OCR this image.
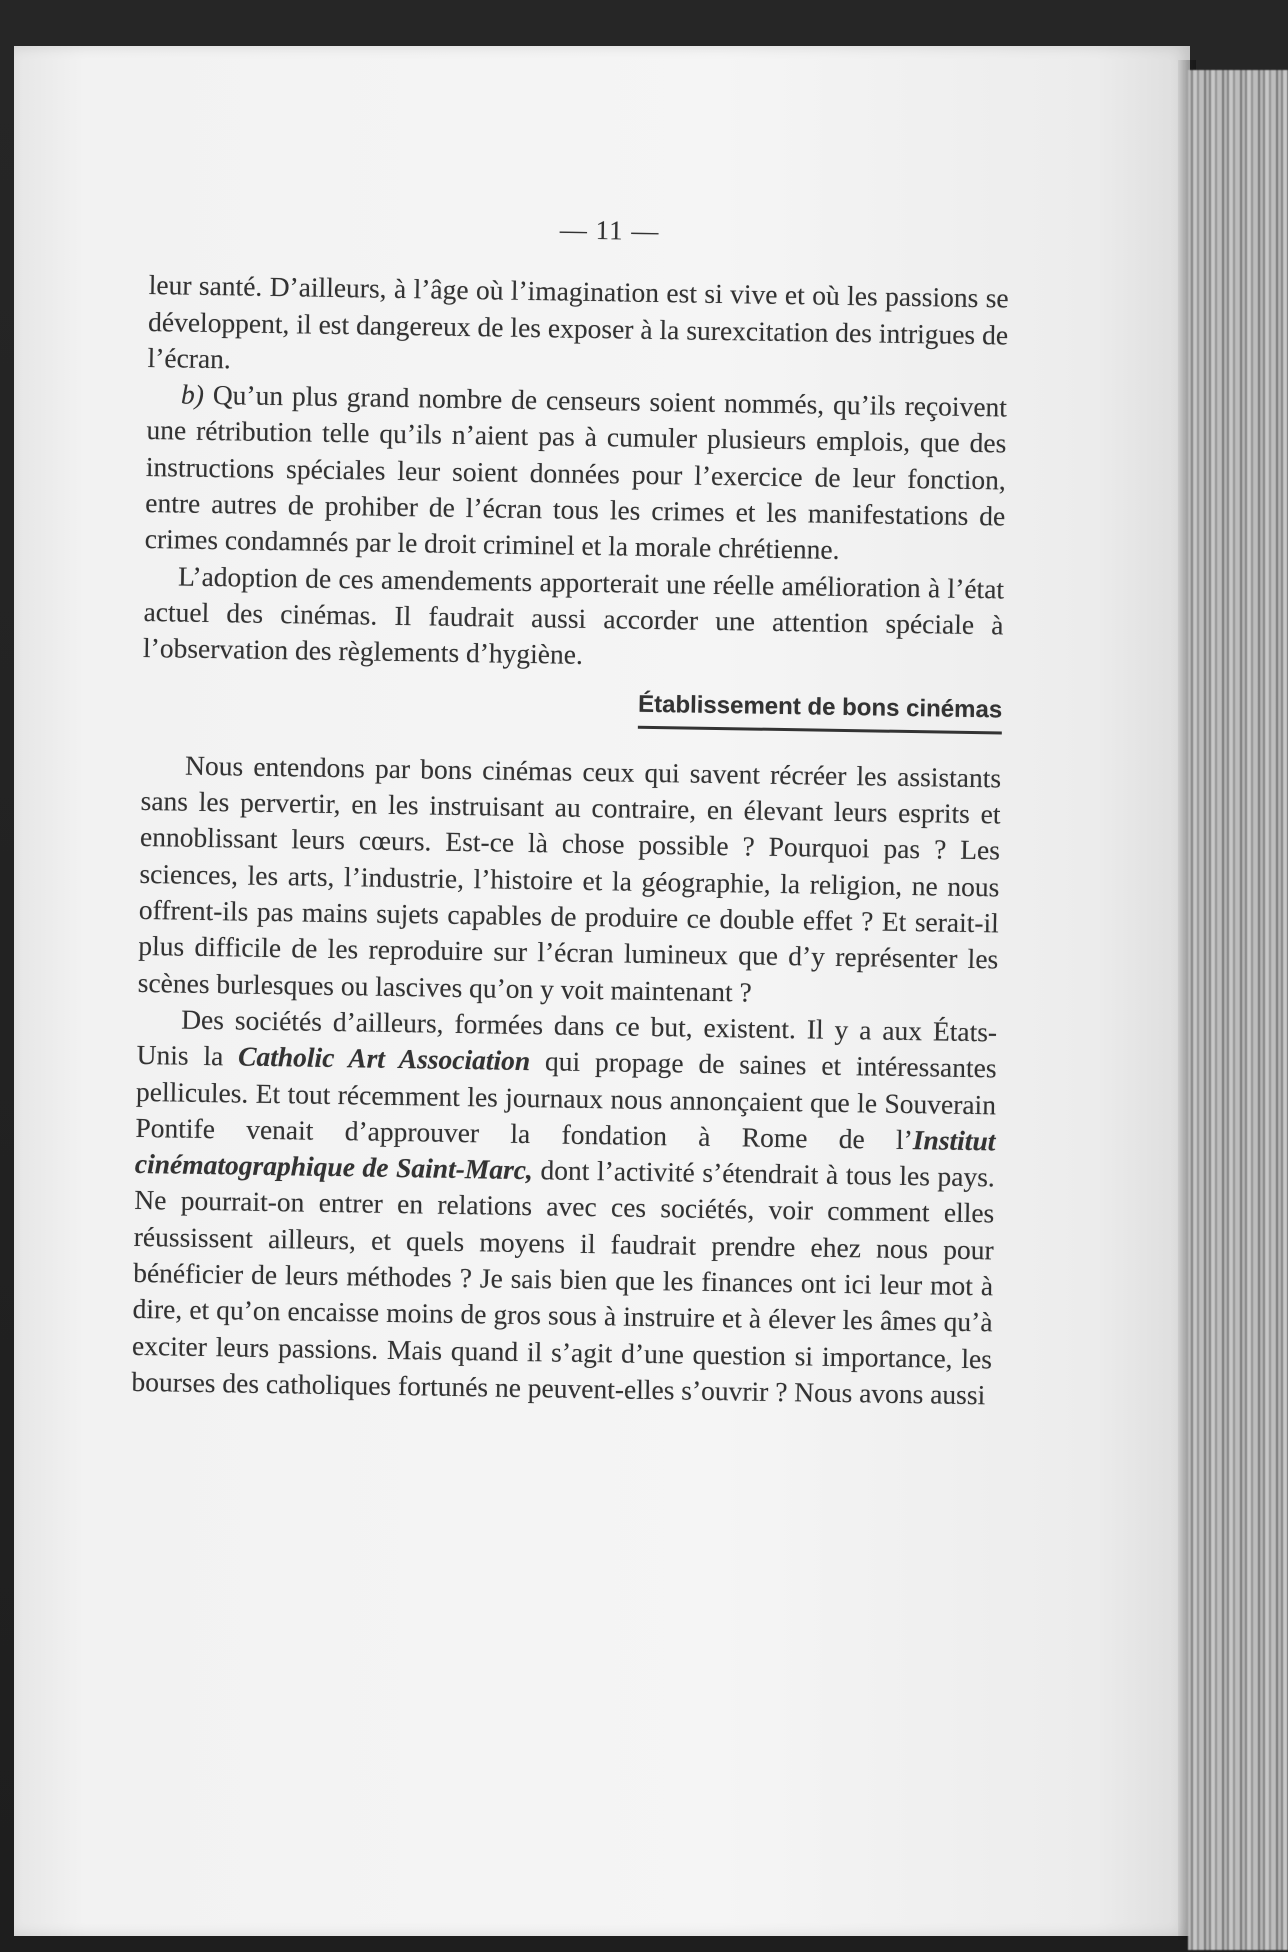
— 11 —

leur santé. D’ailleurs, à l’âge où l’imagination est si vive et où les passions se développent, il est dangereux de les exposer à la surexcitation des intrigues de l’écran.

b) Qu’un plus grand nombre de censeurs soient nommés, qu’ils reçoivent une rétribution telle qu’ils n’aient pas à cumuler plusieurs emplois, que des instructions spéciales leur soient données pour l’exercice de leur fonction, entre autres de prohiber de l’écran tous les crimes et les manifestations de crimes condamnés par le droit criminel et la morale chrétienne.

L’adoption de ces amendements apporterait une réelle amélioration à l’état actuel des cinémas. Il faudrait aussi accorder une attention spéciale à l’observation des règlements d’hygiène.

Établissement de bons cinémas

Nous entendons par bons cinémas ceux qui savent récréer les assistants sans les pervertir, en les instruisant au contraire, en élevant leurs esprits et ennoblissant leurs cœurs. Est-ce là chose possible ? Pourquoi pas ? Les sciences, les arts, l’industrie, l’histoire et la géographie, la religion, ne nous offrent-ils pas mains sujets capables de produire ce double effet ? Et serait-il plus difficile de les reproduire sur l’écran lumineux que d’y représenter les scènes burlesques ou lascives qu’on y voit maintenant ?

Des sociétés d’ailleurs, formées dans ce but, existent. Il y a aux États-Unis la Catholic Art Association qui propage de saines et intéressantes pellicules. Et tout récemment les journaux nous annonçaient que le Souverain Pontife venait d’approuver la fondation à Rome de l’Institut cinématographique de Saint-Marc, dont l’activité s’étendrait à tous les pays. Ne pourrait-on entrer en relations avec ces sociétés, voir comment elles réussissent ailleurs, et quels moyens il faudrait prendre ehez nous pour bénéficier de leurs méthodes ? Je sais bien que les finances ont ici leur mot à dire, et qu’on encaisse moins de gros sous à instruire et à élever les âmes qu’à exciter leurs passions. Mais quand il s’agit d’une question si importance, les bourses des catholiques fortunés ne peuvent-elles s’ouvrir ? Nous avons aussi
